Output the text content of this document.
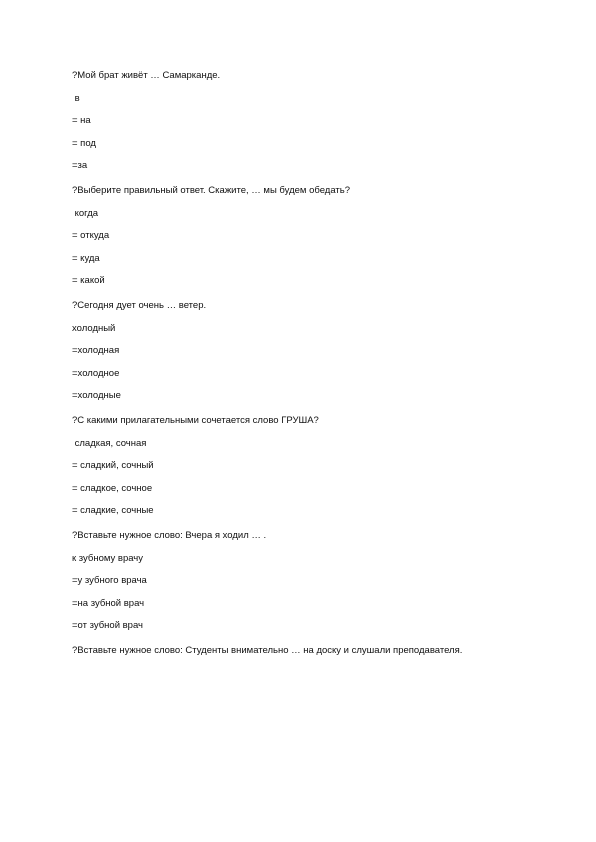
?Мой брат живёт … Самарканде.
в
= на
= под
=за
?Выберите правильный ответ. Скажите, … мы будем обедать?
когда
= откуда
= куда
= какой
?Сегодня дует очень … ветер.
холодный
=холодная
=холодное
=холодные
?С какими прилагательными сочетается слово ГРУША?
сладкая, сочная
= сладкий, сочный
= сладкое, сочное
= сладкие, сочные
?Вставьте нужное слово: Вчера я ходил … .
к зубному врачу
=у зубного врача
=на зубной врач
=от зубной врач
?Вставьте нужное слово: Студенты внимательно … на доску и слушали преподавателя.
